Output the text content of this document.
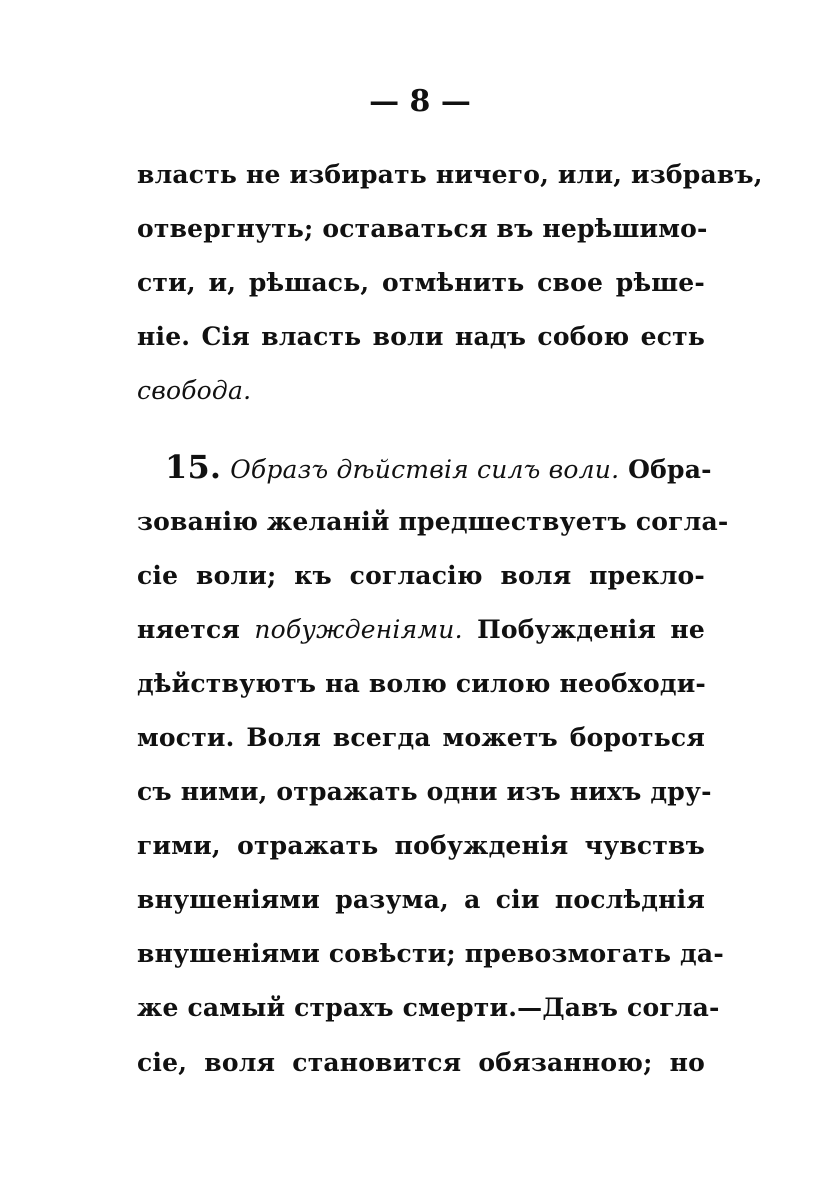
— 8 —
власть не избирать ничего, или, избравъ,
отвергнуть; оставаться въ нерѣшимо-
сти, и, рѣшась, отмѣнить свое рѣше-
ніе. Сія власть воли надъ собою есть
свобода.
15. Образъ дѣйствія силъ воли. Обра-
зованію желаній предшествуетъ согла-
сіе воли; къ согласію воля прекло-
няется побужденіями. Побужденія не
дѣйствуютъ на волю силою необходи-
мости. Воля всегда можетъ бороться
съ ними, отражать одни изъ нихъ дру-
гими, отражать побужденія чувствъ
внушеніями разума, а сіи послѣднія
внушеніями совѣсти; превозмогать да-
же самый страхъ смерти.—Давъ согла-
сіе, воля становится обязанною; но
